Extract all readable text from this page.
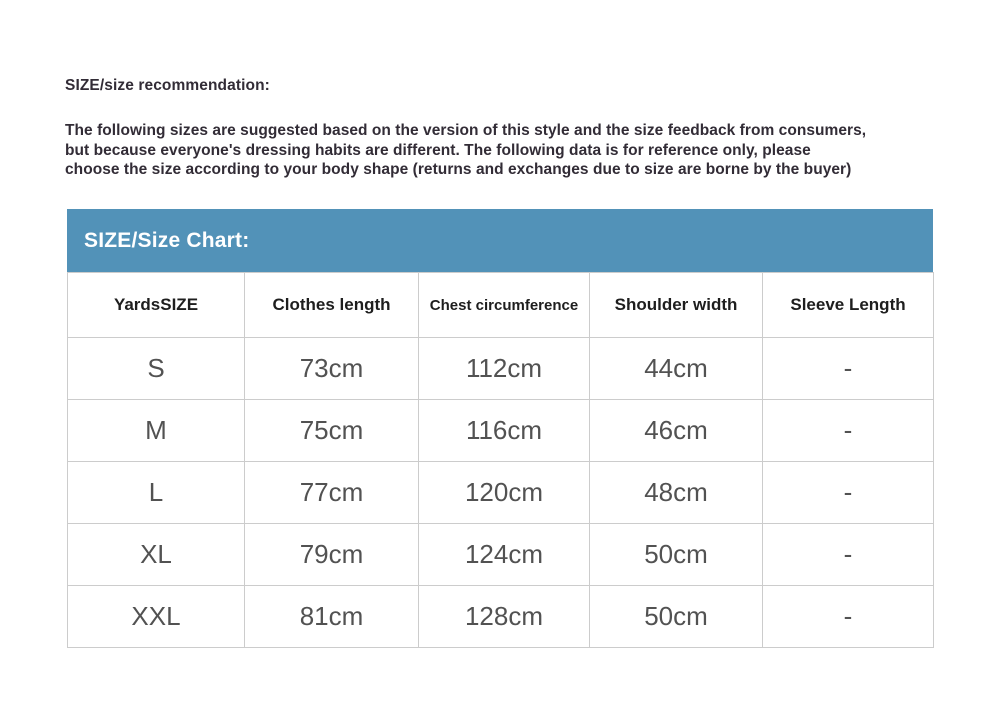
SIZE/size recommendation:
The following sizes are suggested based on the version of this style and the size feedback from consumers,
but because everyone's dressing habits are different. The following data is for reference only, please
choose the size according to your body shape (returns and exchanges due to size are borne by the buyer)
SIZE/Size Chart:
YardsSIZE	Clothes length	Chest circumference	Shoulder width	Sleeve Length
S	73cm	112cm	44cm	-
M	75cm	116cm	46cm	-
L	77cm	120cm	48cm	-
XL	79cm	124cm	50cm	-
XXL	81cm	128cm	50cm	-
